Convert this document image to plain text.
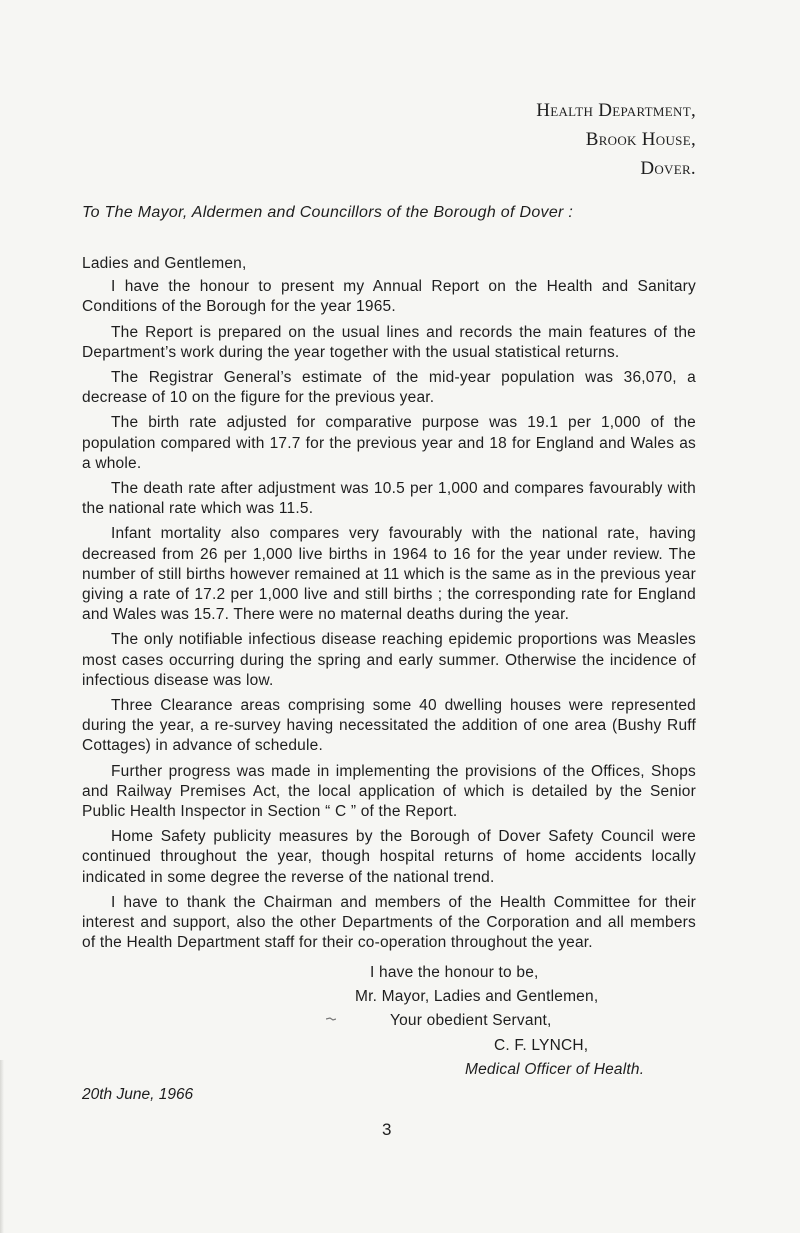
Health Department,
Brook House,
Dover.
To The Mayor, Aldermen and Councillors of the Borough of Dover :

Ladies and Gentlemen,

I have the honour to present my Annual Report on the Health and Sanitary Conditions of the Borough for the year 1965.

The Report is prepared on the usual lines and records the main features of the Department’s work during the year together with the usual statistical returns.

The Registrar General’s estimate of the mid-year population was 36,070, a decrease of 10 on the figure for the previous year.

The birth rate adjusted for comparative purpose was 19.1 per 1,000 of the population compared with 17.7 for the previous year and 18 for England and Wales as a whole.

The death rate after adjustment was 10.5 per 1,000 and compares favourably with the national rate which was 11.5.

Infant mortality also compares very favourably with the national rate, having decreased from 26 per 1,000 live births in 1964 to 16 for the year under review. The number of still births however remained at 11 which is the same as in the previous year giving a rate of 17.2 per 1,000 live and still births ; the corresponding rate for England and Wales was 15.7. There were no maternal deaths during the year.

The only notifiable infectious disease reaching epidemic proportions was Measles most cases occurring during the spring and early summer. Otherwise the incidence of infectious disease was low.

Three Clearance areas comprising some 40 dwelling houses were represented during the year, a re-survey having necessitated the addition of one area (Bushy Ruff Cottages) in advance of schedule.

Further progress was made in implementing the provisions of the Offices, Shops and Railway Premises Act, the local application of which is detailed by the Senior Public Health Inspector in Section “ C ” of the Report.

Home Safety publicity measures by the Borough of Dover Safety Council were continued throughout the year, though hospital returns of home accidents locally indicated in some degree the reverse of the national trend.

I have to thank the Chairman and members of the Health Committee for their interest and support, also the other Departments of the Corporation and all members of the Health Department staff for their co-operation throughout the year.

I have the honour to be,
Mr. Mayor, Ladies and Gentlemen,
Your obedient Servant,
C. F. LYNCH,
Medical Officer of Health.
20th June, 1966
3
